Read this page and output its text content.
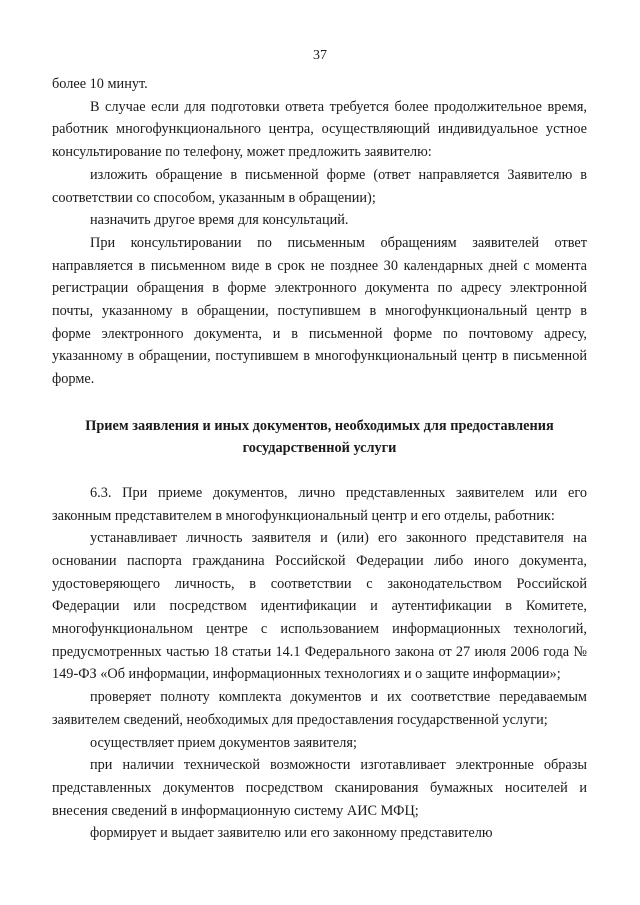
37

более 10 минут.

В случае если для подготовки ответа требуется более продолжительное время, работник многофункционального центра, осуществляющий индивидуальное устное консультирование по телефону, может предложить заявителю:

изложить обращение в письменной форме (ответ направляется Заявителю в соответствии со способом, указанным в обращении);

назначить другое время для консультаций.

При консультировании по письменным обращениям заявителей ответ направляется в письменном виде в срок не позднее 30 календарных дней с момента регистрации обращения в форме электронного документа по адресу электронной почты, указанному в обращении, поступившем в многофункциональный центр в форме электронного документа, и в письменной форме по почтовому адресу, указанному в обращении, поступившем в многофункциональный центр в письменной форме.

Прием заявления и иных документов, необходимых для предоставления
государственной услуги

6.3. При приеме документов, лично представленных заявителем или его законным представителем в многофункциональный центр и его отделы, работник:

устанавливает личность заявителя и (или) его законного представителя на основании паспорта гражданина Российской Федерации либо иного документа, удостоверяющего личность, в соответствии с законодательством Российской Федерации или посредством идентификации и аутентификации в Комитете, многофункциональном центре с использованием информационных технологий, предусмотренных частью 18 статьи 14.1 Федерального закона от 27 июля 2006 года № 149-ФЗ «Об информации, информационных технологиях и о защите информации»;

проверяет полноту комплекта документов и их соответствие передаваемым заявителем сведений, необходимых для предоставления государственной услуги;

осуществляет прием документов заявителя;

при наличии технической возможности изготавливает электронные образы представленных документов посредством сканирования бумажных носителей и внесения сведений в информационную систему АИС МФЦ;

формирует и выдает заявителю или его законному представителю
